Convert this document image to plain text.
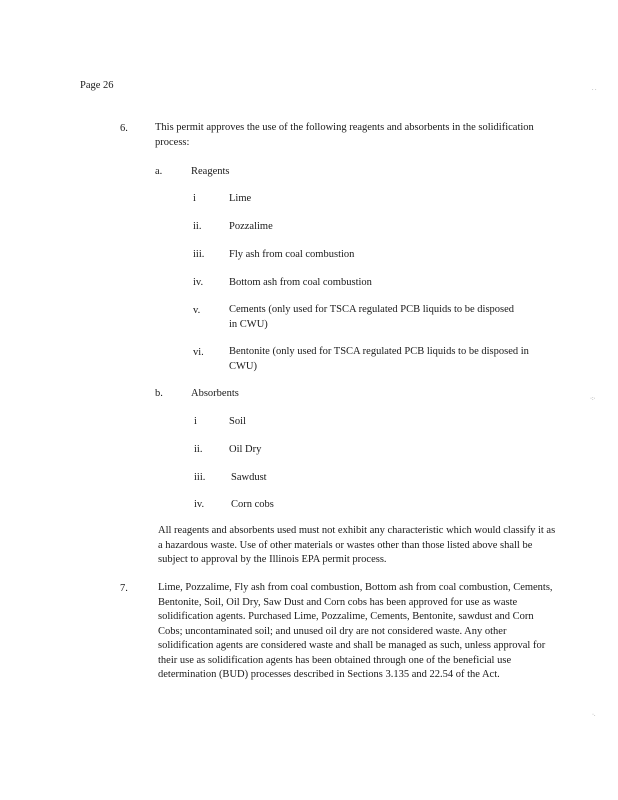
Page 26
6.	This permit approves the use of the following reagents and absorbents in the solidification process:
a.	Reagents
i	Lime
ii.	Pozzalime
iii. Fly ash from coal combustion
iv. Bottom ash from coal combustion
v.	Cements (only used for TSCA regulated PCB liquids to be disposed in CWU)
vi. Bentonite (only used for TSCA regulated PCB liquids to be disposed in CWU)
b.	Absorbents
i	Soil
ii.	Oil Dry
iii. Sawdust
iv.	Corn cobs
All reagents and absorbents used must not exhibit any characteristic which would classify it as a hazardous waste. Use of other materials or wastes other than those listed above shall be subject to approval by the Illinois EPA permit process.
7.	Lime, Pozzalime, Fly ash from coal combustion, Bottom ash from coal combustion, Cements, Bentonite, Soil, Oil Dry, Saw Dust and Corn cobs has been approved for use as waste solidification agents. Purchased Lime, Pozzalime, Cements, Bentonite, sawdust and Corn Cobs; uncontaminated soil; and unused oil dry are not considered waste. Any other solidification agents are considered waste and shall be managed as such, unless approval for their use as solidification agents has been obtained through one of the beneficial use determination (BUD) processes described in Sections 3.135 and 22.54 of the Act.
. .
·:·
·.
